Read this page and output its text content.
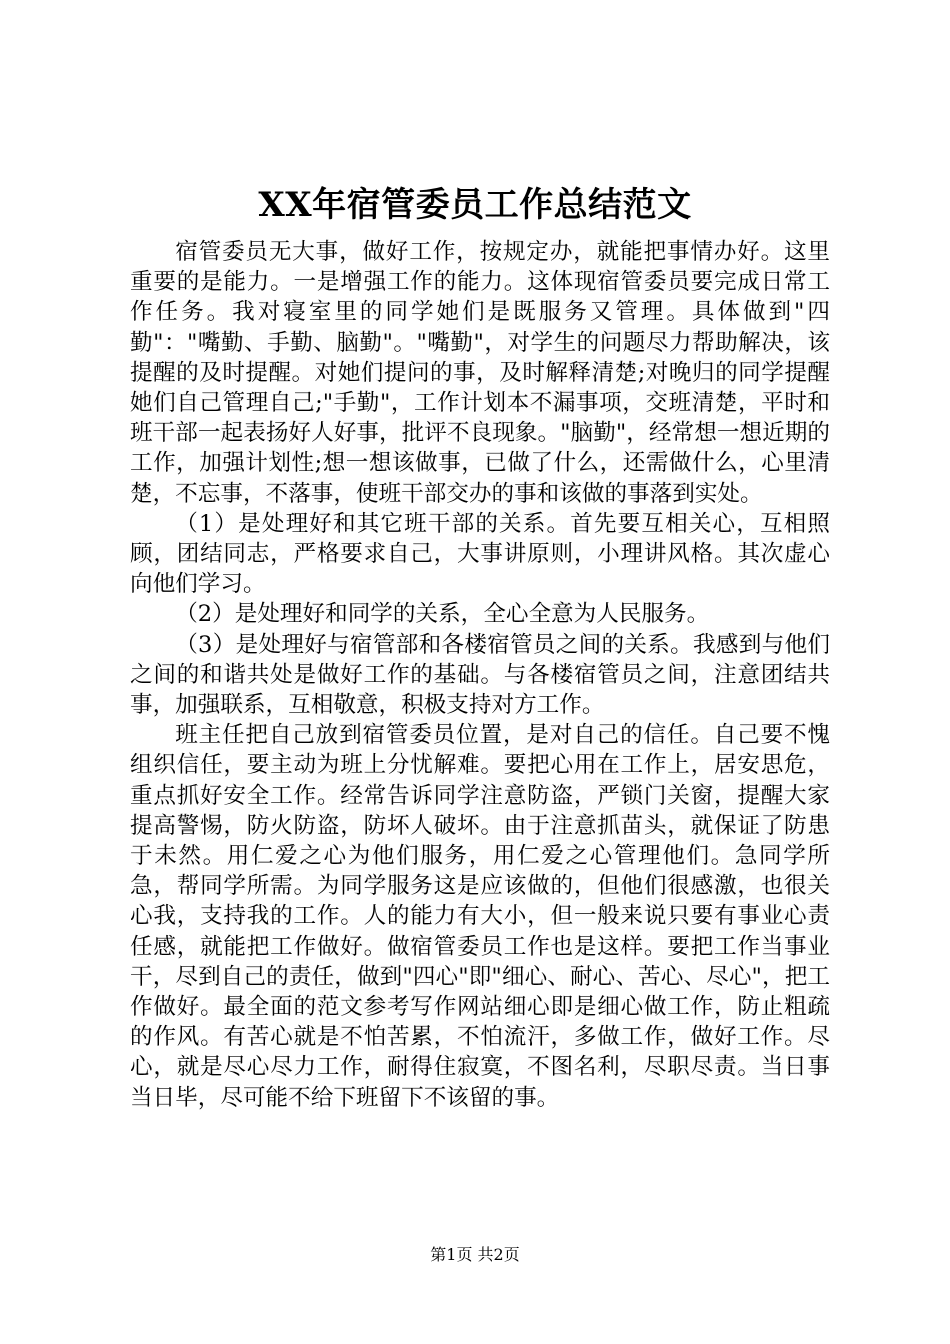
XX年宿管委员工作总结范文

宿管委员无大事，做好工作，按规定办，就能把事情办好。这里重要的是能力。一是增强工作的能力。这体现宿管委员要完成日常工作任务。我对寝室里的同学她们是既服务又管理。具体做到"四勤"："嘴勤、手勤、脑勤"。"嘴勤"，对学生的问题尽力帮助解决，该提醒的及时提醒。对她们提问的事，及时解释清楚;对晚归的同学提醒她们自己管理自己;"手勤"，工作计划本不漏事项，交班清楚，平时和班干部一起表扬好人好事，批评不良现象。"脑勤"，经常想一想近期的工作，加强计划性;想一想该做事，已做了什么，还需做什么，心里清楚，不忘事，不落事，使班干部交办的事和该做的事落到实处。

（1）是处理好和其它班干部的关系。首先要互相关心，互相照顾，团结同志，严格要求自己，大事讲原则，小理讲风格。其次虚心向他们学习。

（2）是处理好和同学的关系，全心全意为人民服务。

（3）是处理好与宿管部和各楼宿管员之间的关系。我感到与他们之间的和谐共处是做好工作的基础。与各楼宿管员之间，注意团结共事，加强联系，互相敬意，积极支持对方工作。

班主任把自己放到宿管委员位置，是对自己的信任。自己要不愧组织信任，要主动为班上分忧解难。要把心用在工作上，居安思危，重点抓好安全工作。经常告诉同学注意防盗，严锁门关窗，提醒大家提高警惕，防火防盗，防坏人破坏。由于注意抓苗头，就保证了防患于未然。用仁爱之心为他们服务，用仁爱之心管理他们。急同学所急，帮同学所需。为同学服务这是应该做的，但他们很感激，也很关心我，支持我的工作。人的能力有大小，但一般来说只要有事业心责任感，就能把工作做好。做宿管委员工作也是这样。要把工作当事业干，尽到自己的责任，做到"四心"即"细心、耐心、苦心、尽心"，把工作做好。最全面的范文参考写作网站细心即是细心做工作，防止粗疏的作风。有苦心就是不怕苦累，不怕流汗，多做工作，做好工作。尽心，就是尽心尽力工作，耐得住寂寞，不图名利，尽职尽责。当日事当日毕，尽可能不给下班留下不该留的事。

第1页 共2页
